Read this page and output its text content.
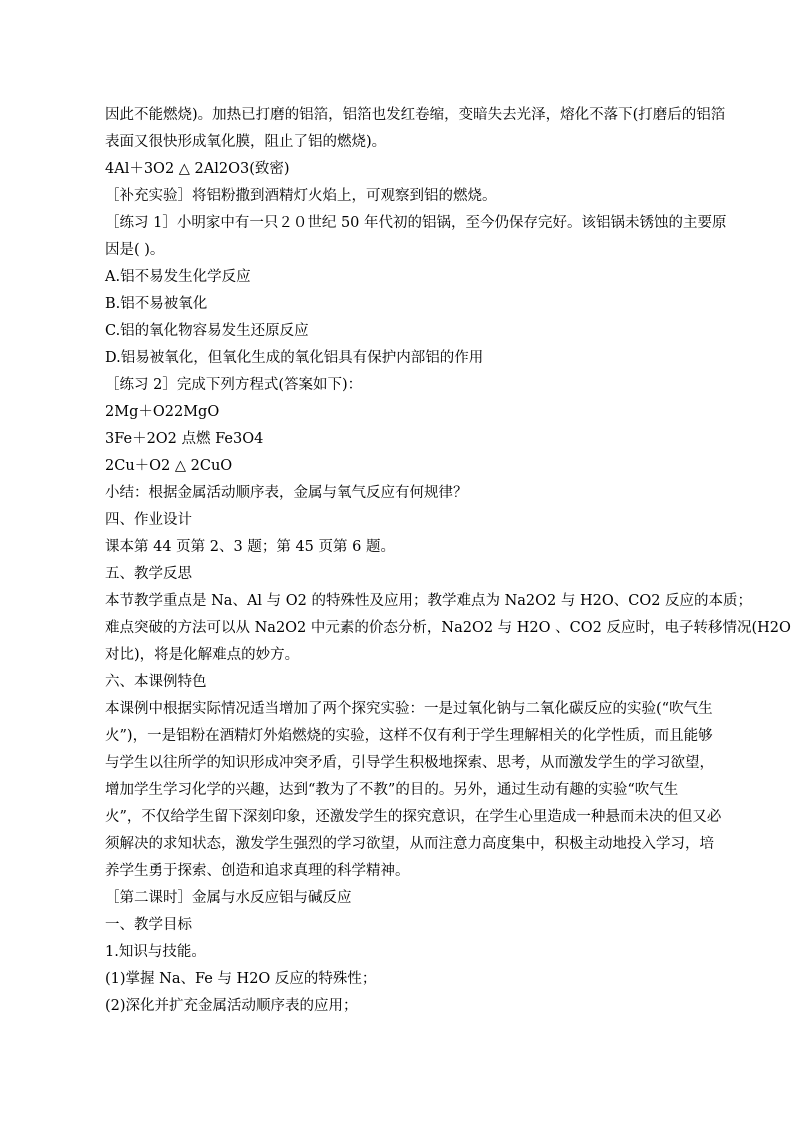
因此不能燃烧)。加热已打磨的铝箔，铝箔也发红卷缩，变暗失去光泽，熔化不落下(打磨后的铝箔
表面又很快形成氧化膜，阻止了铝的燃烧)。
4Al＋3O2 △ 2Al2O3(致密)
［补充实验］将铝粉撒到酒精灯火焰上，可观察到铝的燃烧。
［练习 1］小明家中有一只２０世纪 50 年代初的铝锅，至今仍保存完好。该铝锅未锈蚀的主要原
因是( )。
A.铝不易发生化学反应
B.铝不易被氧化
C.铝的氧化物容易发生还原反应
D.铝易被氧化，但氧化生成的氧化铝具有保护内部铝的作用
［练习 2］完成下列方程式(答案如下)：
2Mg＋O22MgO
3Fe＋2O2 点燃 Fe3O4
2Cu＋O2 △ 2CuO
小结：根据金属活动顺序表，金属与氧气反应有何规律？
四、作业设计
课本第 44 页第 2、3 题；第 45 页第 6 题。
五、教学反思
本节教学重点是 Na、Al 与 O2 的特殊性及应用；教学难点为 Na2O2 与 H2O、CO2 反应的本质；
难点突破的方法可以从 Na2O2 中元素的价态分析，Na2O2 与 H2O 、CO2 反应时，电子转移情况(H2O
对比)，将是化解难点的妙方。
六、本课例特色
本课例中根据实际情况适当增加了两个探究实验：一是过氧化钠与二氧化碳反应的实验(“吹气生
火”)，一是铝粉在酒精灯外焰燃烧的实验，这样不仅有利于学生理解相关的化学性质，而且能够
与学生以往所学的知识形成冲突矛盾，引导学生积极地探索、思考，从而激发学生的学习欲望，
增加学生学习化学的兴趣，达到“教为了不教”的目的。另外，通过生动有趣的实验“吹气生
火”，不仅给学生留下深刻印象，还激发学生的探究意识，在学生心里造成一种悬而未决的但又必
须解决的求知状态，激发学生强烈的学习欲望，从而注意力高度集中，积极主动地投入学习，培
养学生勇于探索、创造和追求真理的科学精神。
［第二课时］金属与水反应铝与碱反应
一、教学目标
1.知识与技能。
(1)掌握 Na、Fe 与 H2O 反应的特殊性；
(2)深化并扩充金属活动顺序表的应用；
